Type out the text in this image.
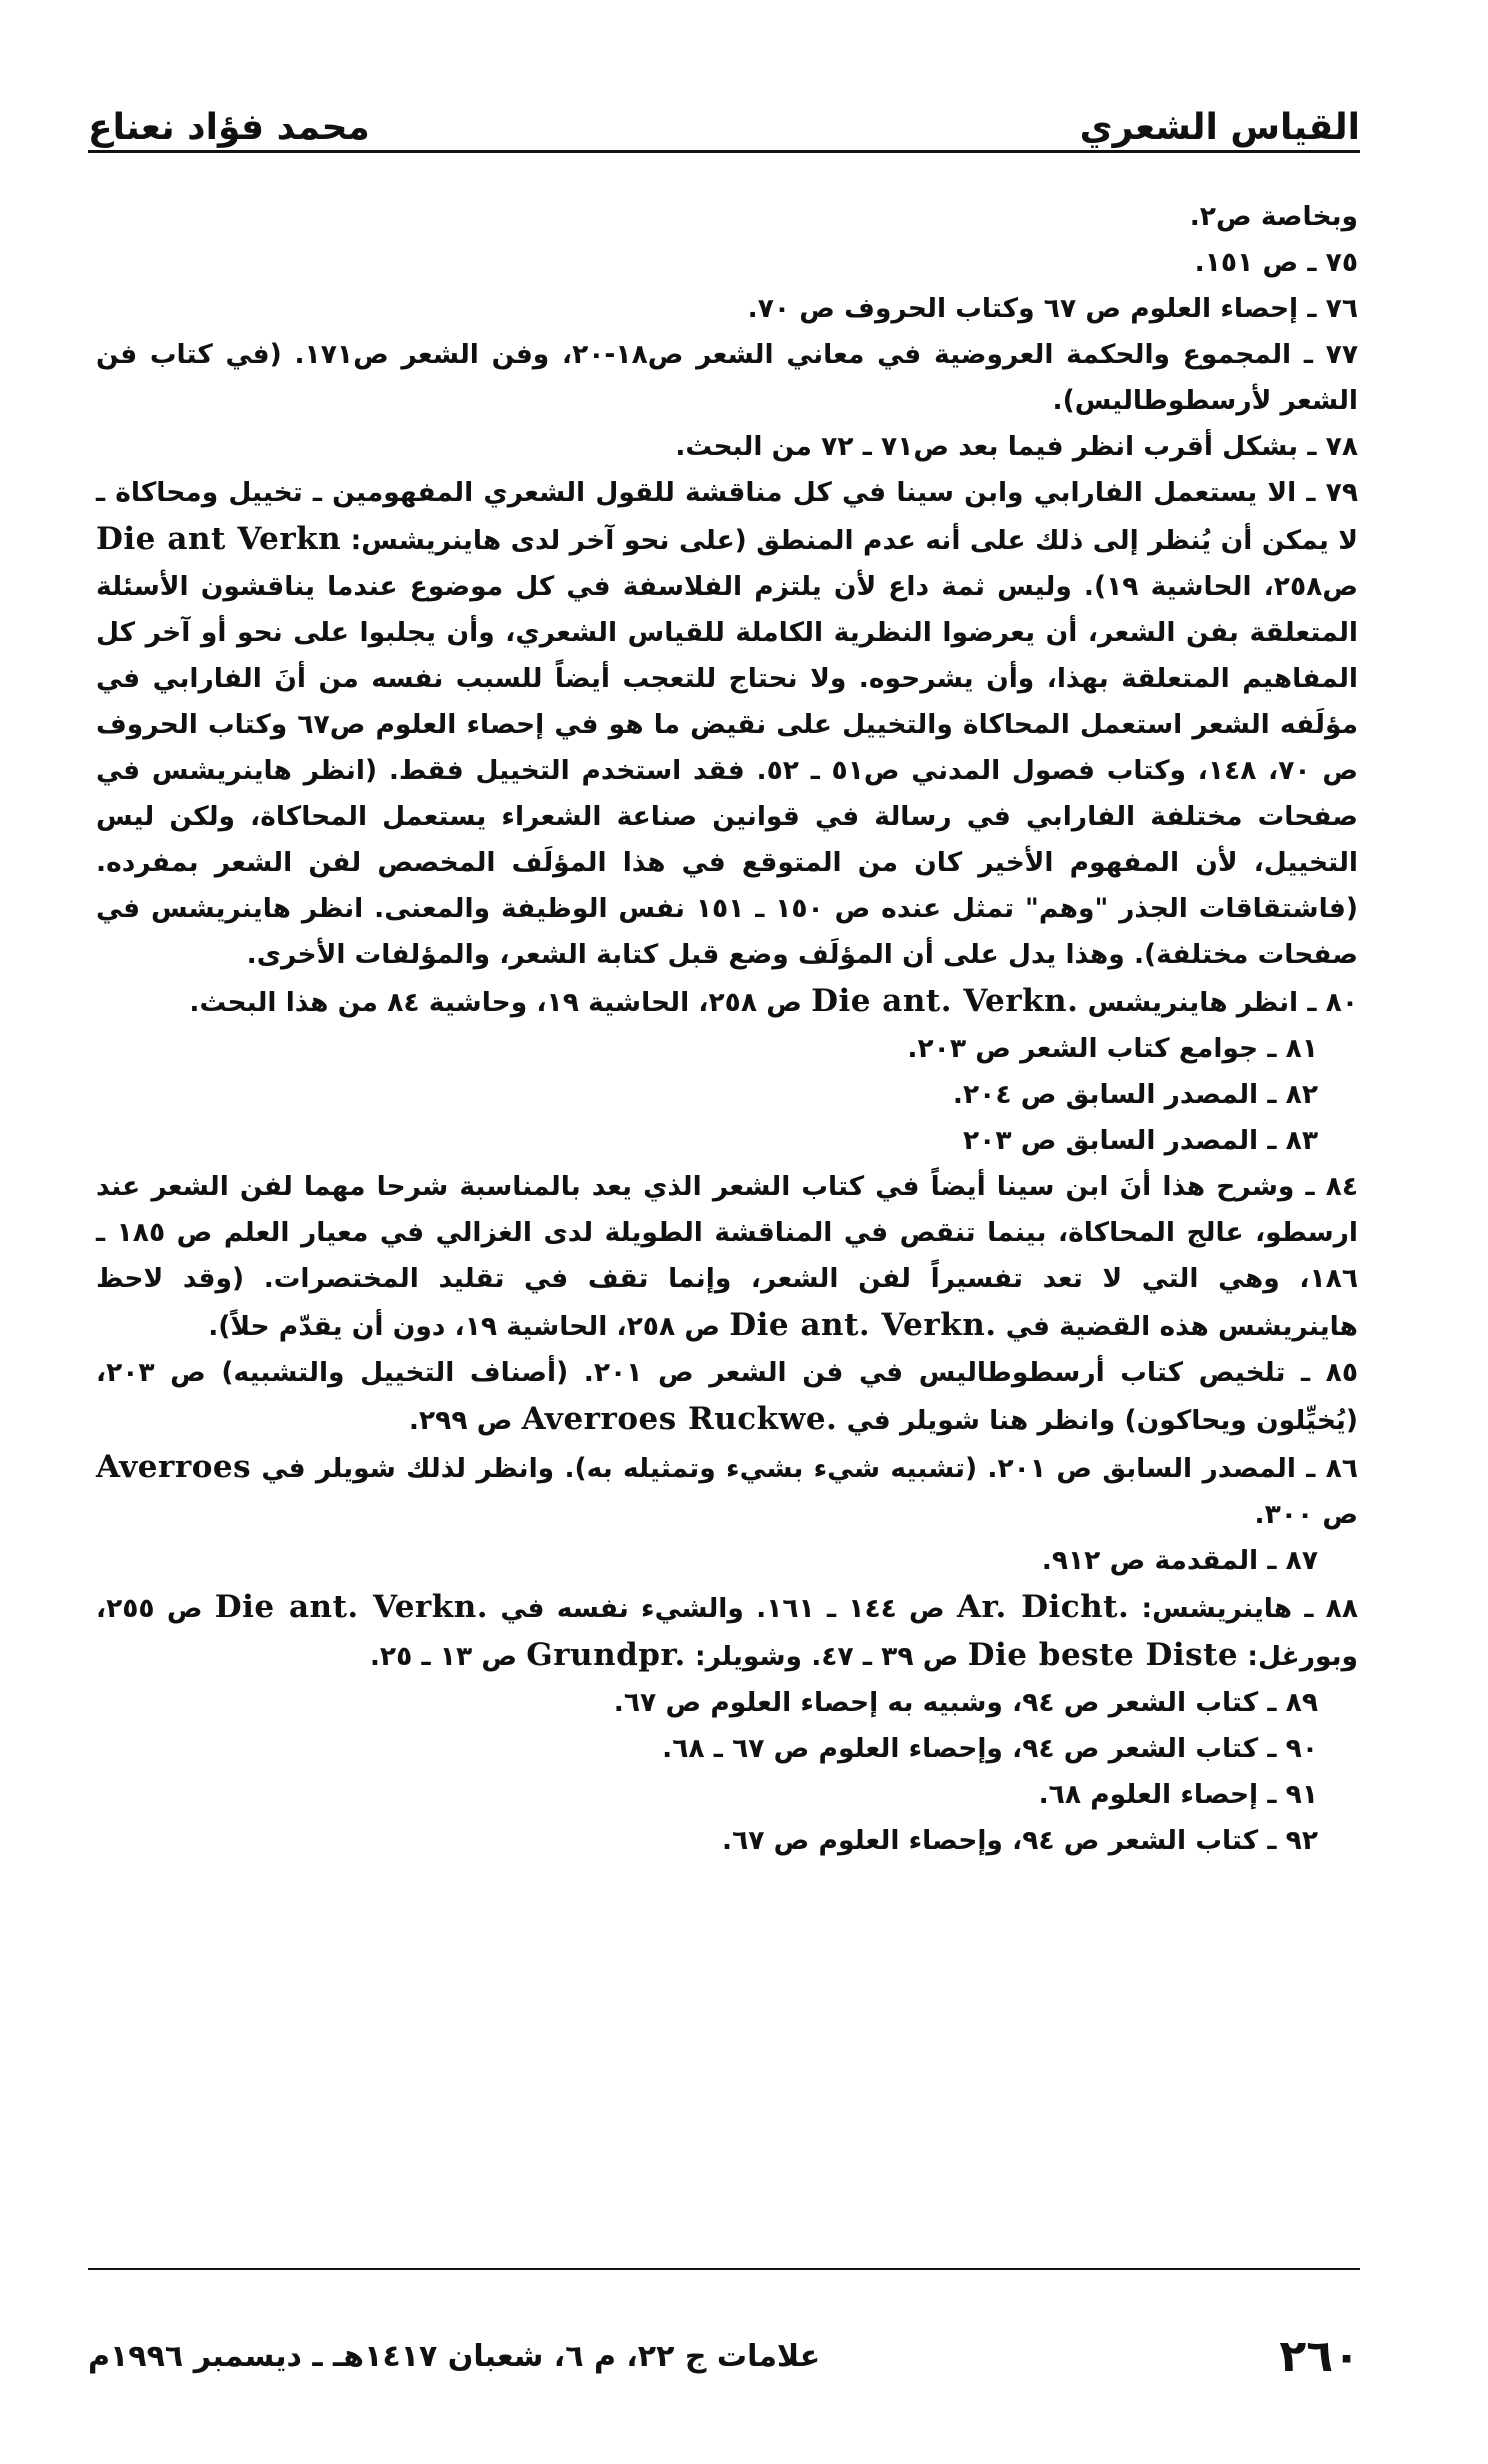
القياس الشعري
محمد فؤاد نعناع

وبخاصة ص٢.

٧٥ ـ ص ١٥١.

٧٦ ـ إحصاء العلوم ص ٦٧ وكتاب الحروف ص ٧٠.

٧٧ ـ المجموع والحكمة العروضية في معاني الشعر ص١٨-٢٠، وفن الشعر ص١٧١. (في كتاب فن الشعر لأرسطوطاليس).

٧٨ ـ بشكل أقرب انظر فيما بعد ص٧١ ـ ٧٢ من البحث.

٧٩ ـ الا يستعمل الفارابي وابن سينا في كل مناقشة للقول الشعري المفهومين ـ تخييل ومحاكاة ـ لا يمكن أن يُنظر إلى ذلك على أنه عدم المنطق (على نحو آخر لدى هاينريشس: Die ant Verkn ص٢٥٨، الحاشية ١٩). وليس ثمة داع لأن يلتزم الفلاسفة في كل موضوع عندما يناقشون الأسئلة المتعلقة بفن الشعر، أن يعرضوا النظرية الكاملة للقياس الشعري، وأن يجلبوا على نحو أو آخر كل المفاهيم المتعلقة بهذا، وأن يشرحوه. ولا نحتاج للتعجب أيضاً للسبب نفسه من أنَ الفارابي في مؤلَفه الشعر استعمل المحاكاة والتخييل على نقيض ما هو في إحصاء العلوم ص٦٧ وكتاب الحروف ص ٧٠، ١٤٨، وكتاب فصول المدني ص٥١ ـ ٥٢. فقد استخدم التخييل فقط. (انظر هاينريشس في صفحات مختلفة الفارابي في رسالة في قوانين صناعة الشعراء يستعمل المحاكاة، ولكن ليس التخييل، لأن المفهوم الأخير كان من المتوقع في هذا المؤلَف المخصص لفن الشعر بمفرده. (فاشتقاقات الجذر "وهم" تمثل عنده ص ١٥٠ ـ ١٥١ نفس الوظيفة والمعنى. انظر هاينريشس في صفحات مختلفة). وهذا يدل على أن المؤلَف وضع قبل كتابة الشعر، والمؤلفات الأخرى.

٨٠ ـ انظر هاينريشس Die ant. Verkn. ص ٢٥٨، الحاشية ١٩، وحاشية ٨٤ من هذا البحث.

٨١ ـ جوامع كتاب الشعر ص ٢٠٣.

٨٢ ـ المصدر السابق ص ٢٠٤.

٨٣ ـ المصدر السابق ص ٢٠٣

٨٤ ـ وشرح هذا أنَ ابن سينا أيضاً في كتاب الشعر الذي يعد بالمناسبة شرحا مهما لفن الشعر عند ارسطو، عالج المحاكاة، بينما تنقص في المناقشة الطويلة لدى الغزالي في معيار العلم ص ١٨٥ ـ ١٨٦، وهي التي لا تعد تفسيراً لفن الشعر، وإنما تقف في تقليد المختصرات. (وقد لاحظ هاينريشس هذه القضية في Die ant. Verkn. ص ٢٥٨، الحاشية ١٩، دون أن يقدّم حلاً).

٨٥ ـ تلخيص كتاب أرسطوطاليس في فن الشعر ص ٢٠١. (أصناف التخييل والتشبيه) ص ٢٠٣، (يُخيِّلون ويحاكون) وانظر هنا شويلر في Averroes Ruckwe. ص ٢٩٩.

٨٦ ـ المصدر السابق ص ٢٠١. (تشبيه شيء بشيء وتمثيله به). وانظر لذلك شويلر في Averroes ص ٣٠٠.

٨٧ ـ المقدمة ص ٩١٢.

٨٨ ـ هاينريشس: Ar. Dicht. ص ١٤٤ ـ ١٦١. والشيء نفسه في Die ant. Verkn. ص ٢٥٥، وبورغل: Die beste Diste ص ٣٩ ـ ٤٧. وشويلر: Grundpr. ص ١٣ ـ ٢٥.

٨٩ ـ كتاب الشعر ص ٩٤، وشبيه به إحصاء العلوم ص ٦٧.

٩٠ ـ كتاب الشعر ص ٩٤، وإحصاء العلوم ص ٦٧ ـ ٦٨.

٩١ ـ إحصاء العلوم ٦٨.

٩٢ ـ كتاب الشعر ص ٩٤، وإحصاء العلوم ص ٦٧.

٢٦٠
علامات ج ٢٢، م ٦، شعبان ١٤١٧هـ ـ ديسمبر ١٩٩٦م
